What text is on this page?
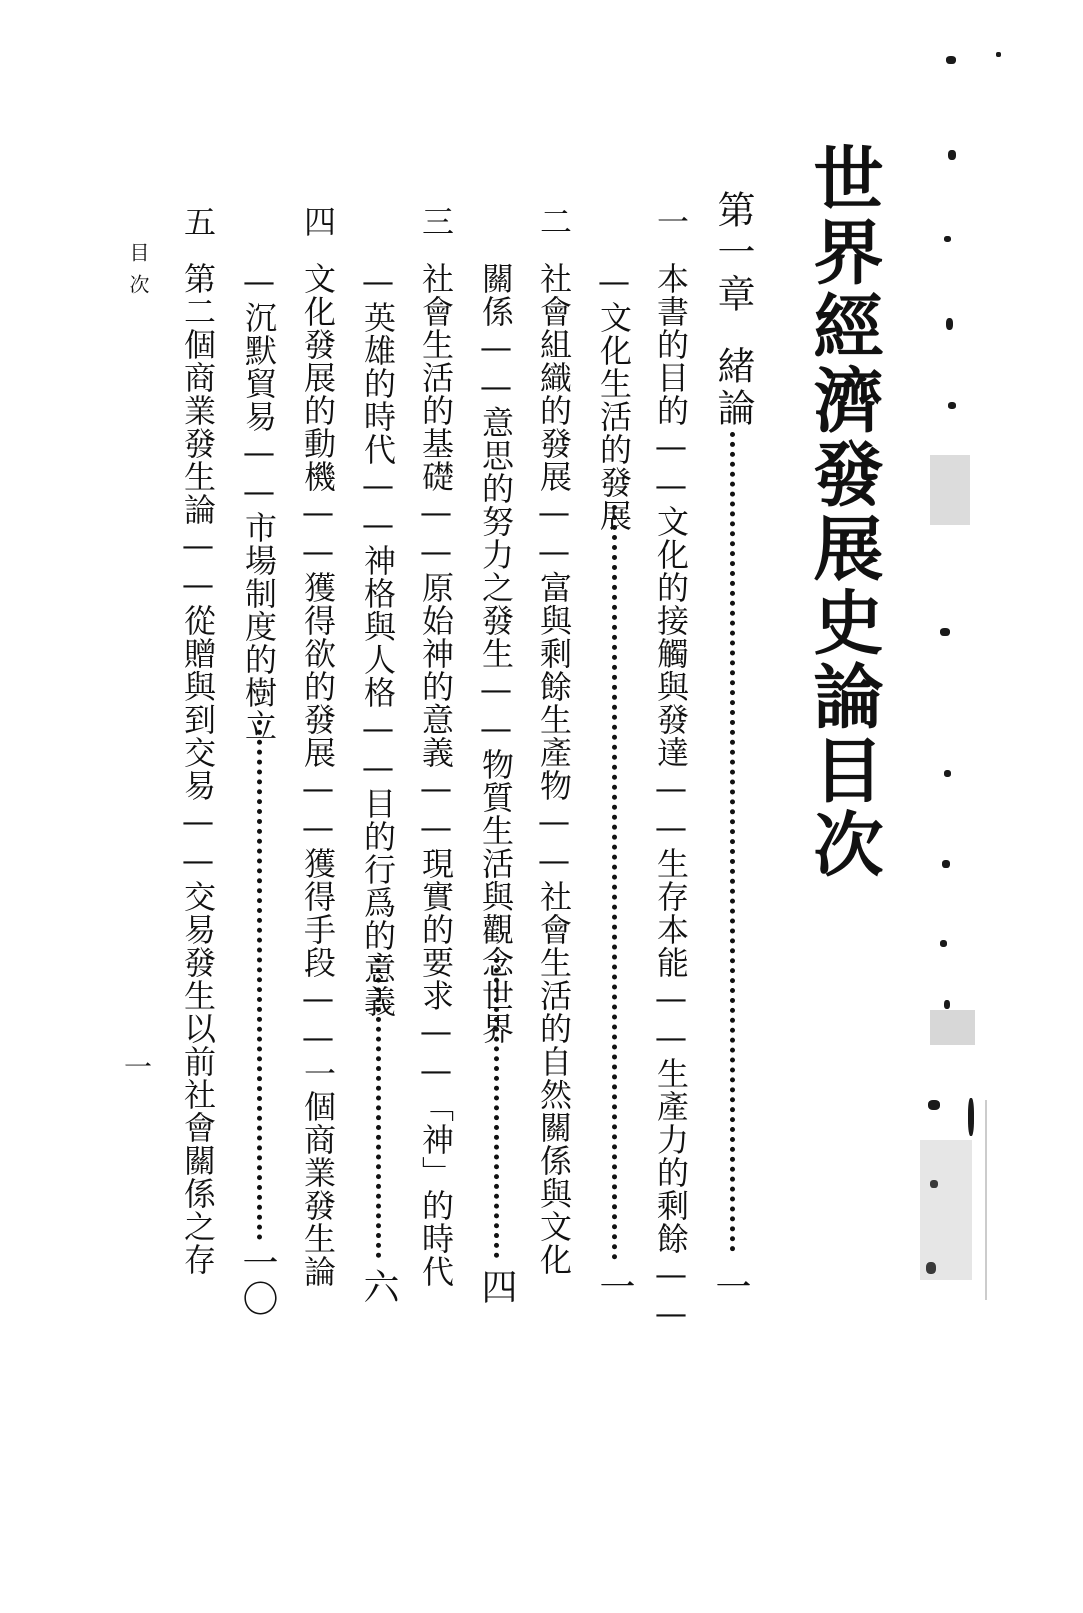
世界經濟發展史論目次
第一章緒論
一
一
本書的目的——文化的接觸與發達——生存本能——生產力的剩餘——
—文化生活的發展
一
二
社會組織的發展——富與剩餘生產物——社會生活的自然關係與文化
關係——意思的努力之發生——物質生活與觀念世界
四
三
社會生活的基礎——原始神的意義——現實的要求——「神」的時代
—英雄的時代——神格與人格——目的行爲的意義
六
四
文化發展的動機——獲得欲的發展——獲得手段——一個商業發生論
—沉默貿易——市場制度的樹立
一〇
五
第二個商業發生論——從贈與到交易——交易發生以前社會關係之存
目次
一
